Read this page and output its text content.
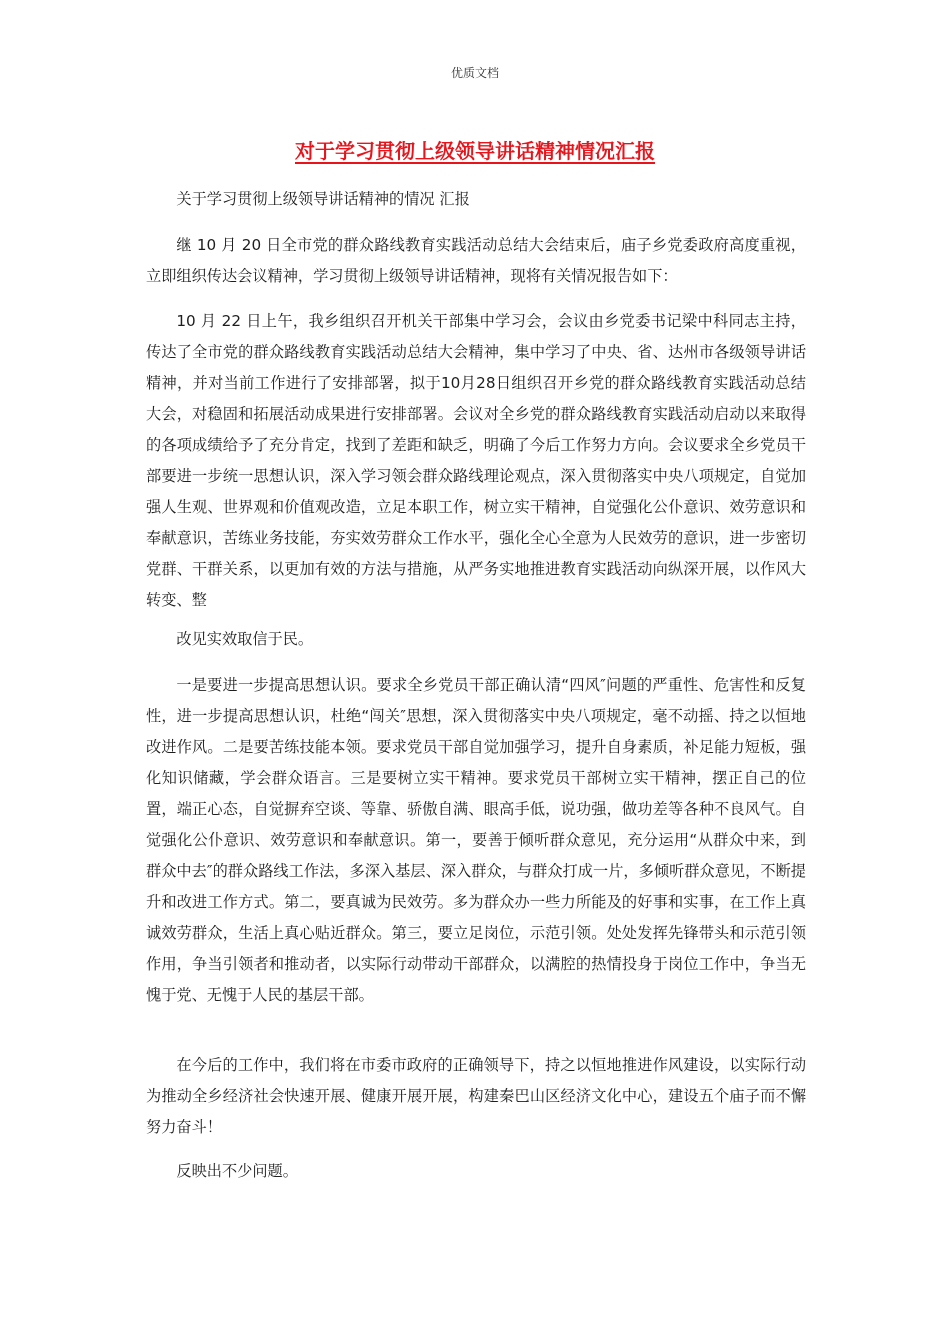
优质文档
对于学习贯彻上级领导讲话精神情况汇报

关于学习贯彻上级领导讲话精神的情况 汇报

继 10 月 20 日全市党的群众路线教育实践活动总结大会结束后，庙子乡党委政府高度重视，立即组织传达会议精神，学习贯彻上级领导讲话精神，现将有关情况报告如下：

10 月 22 日上午，我乡组织召开机关干部集中学习会，会议由乡党委书记梁中科同志主持，传达了全市党的群众路线教育实践活动总结大会精神，集中学习了中央、省、达州市各级领导讲话精神，并对当前工作进行了安排部署，拟于10月28日组织召开乡党的群众路线教育实践活动总结大会，对稳固和拓展活动成果进行安排部署。会议对全乡党的群众路线教育实践活动启动以来取得的各项成绩给予了充分肯定，找到了差距和缺乏，明确了今后工作努力方向。会议要求全乡党员干部要进一步统一思想认识，深入学习领会群众路线理论观点，深入贯彻落实中央八项规定，自觉加强人生观、世界观和价值观改造，立足本职工作，树立实干精神，自觉强化公仆意识、效劳意识和奉献意识，苦练业务技能，夯实效劳群众工作水平，强化全心全意为人民效劳的意识，进一步密切党群、干群关系，以更加有效的方法与措施，从严务实地推进教育实践活动向纵深开展，以作风大转变、整

改见实效取信于民。

一是要进一步提高思想认识。要求全乡党员干部正确认清“四风″问题的严重性、危害性和反复性，进一步提高思想认识，杜绝“闯关″思想，深入贯彻落实中央八项规定，毫不动摇、持之以恒地改进作风。二是要苦练技能本领。要求党员干部自觉加强学习，提升自身素质，补足能力短板，强化知识储藏，学会群众语言。三是要树立实干精神。要求党员干部树立实干精神，摆正自己的位置，端正心态，自觉摒弃空谈、等靠、骄傲自满、眼高手低，说功强，做功差等各种不良风气。自觉强化公仆意识、效劳意识和奉献意识。第一，要善于倾听群众意见，充分运用“从群众中来，到群众中去″的群众路线工作法，多深入基层、深入群众，与群众打成一片，多倾听群众意见，不断提升和改进工作方式。第二，要真诚为民效劳。多为群众办一些力所能及的好事和实事，在工作上真诚效劳群众，生活上真心贴近群众。第三，要立足岗位，示范引领。处处发挥先锋带头和示范引领作用，争当引领者和推动者，以实际行动带动干部群众，以满腔的热情投身于岗位工作中，争当无愧于党、无愧于人民的基层干部。

在今后的工作中，我们将在市委市政府的正确领导下，持之以恒地推进作风建设，以实际行动为推动全乡经济社会快速开展、健康开展开展，构建秦巴山区经济文化中心，建设五个庙子而不懈努力奋斗！

反映出不少问题。
